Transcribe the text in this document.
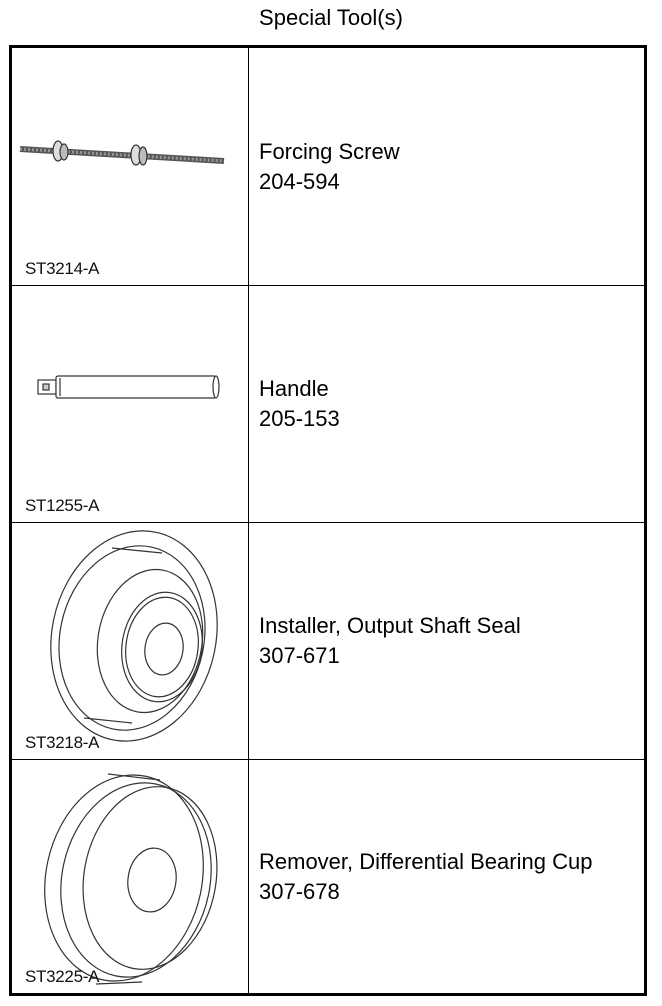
Special Tool(s)
ST3214-A
Forcing Screw
204-594
ST1255-A
Handle
205-153
ST3218-A
Installer, Output Shaft Seal
307-671
ST3225-A
Remover, Differential Bearing Cup
307-678
